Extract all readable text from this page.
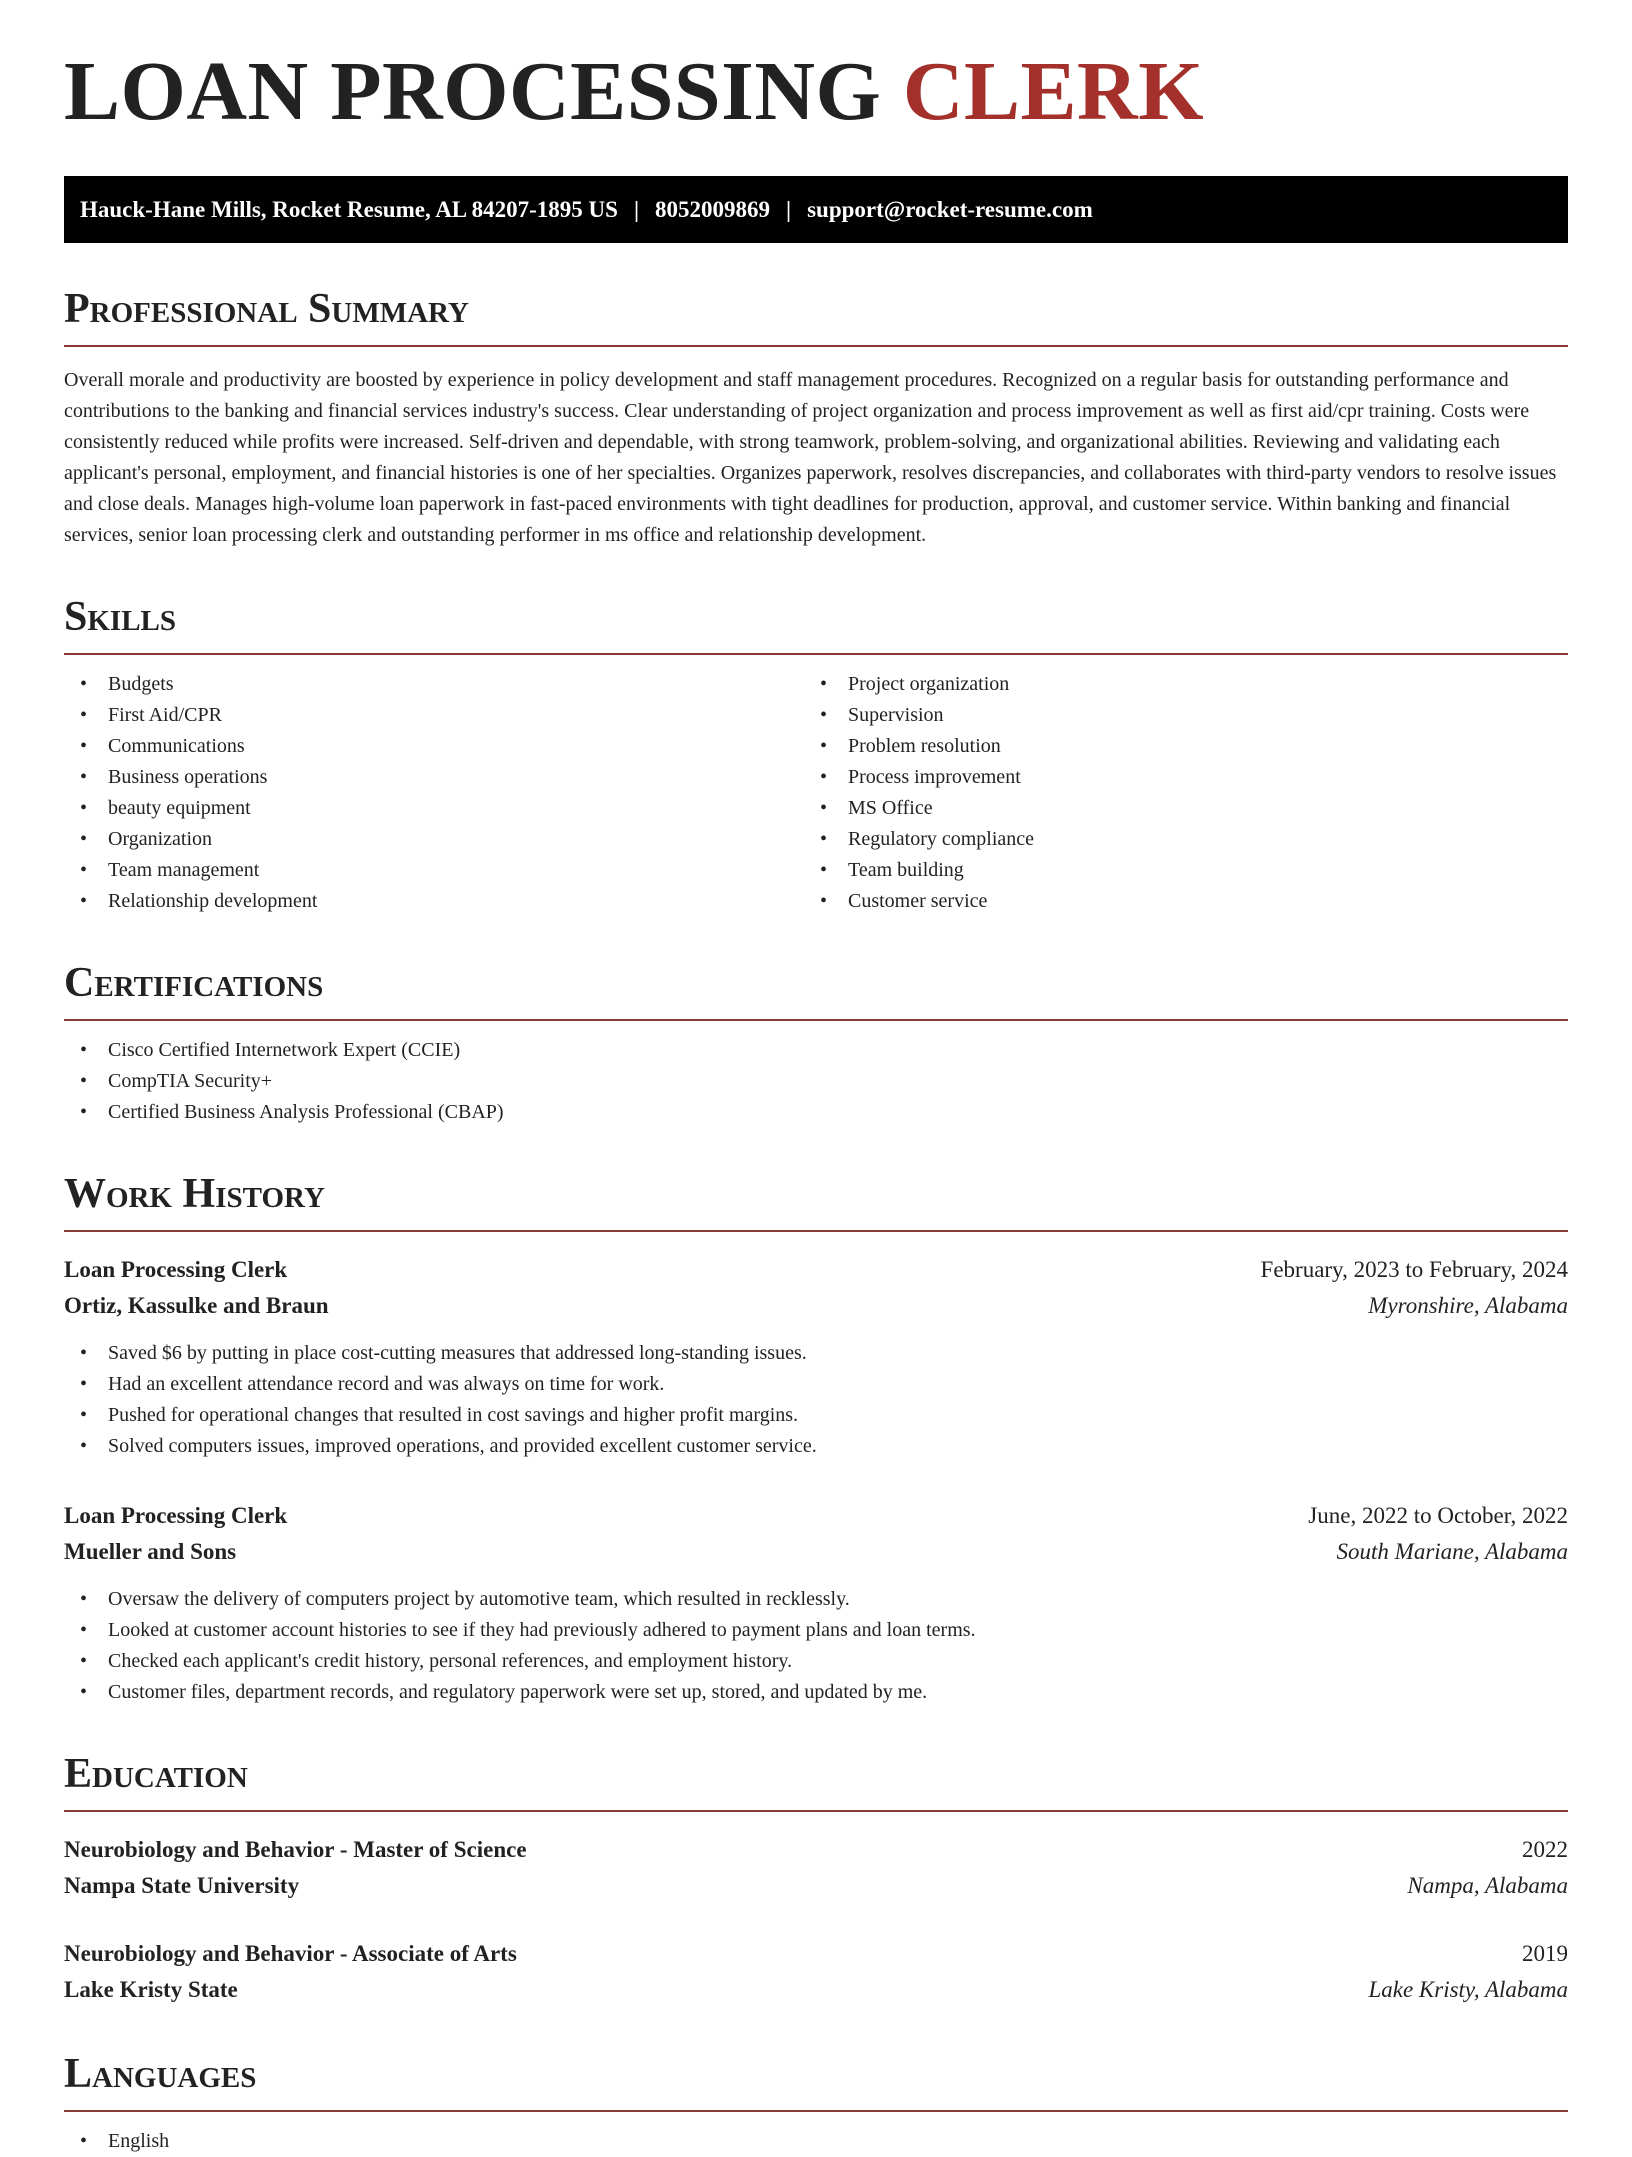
LOAN PROCESSING CLERK
Hauck-Hane Mills, Rocket Resume, AL 84207-1895 US | 8052009869 | support@rocket-resume.com
Professional Summary

Overall morale and productivity are boosted by experience in policy development and staff management procedures. Recognized on a regular basis for outstanding performance and contributions to the banking and financial services industry's success. Clear understanding of project organization and process improvement as well as first aid/cpr training. Costs were consistently reduced while profits were increased. Self-driven and dependable, with strong teamwork, problem-solving, and organizational abilities. Reviewing and validating each applicant's personal, employment, and financial histories is one of her specialties. Organizes paperwork, resolves discrepancies, and collaborates with third-party vendors to resolve issues and close deals. Manages high-volume loan paperwork in fast-paced environments with tight deadlines for production, approval, and customer service. Within banking and financial services, senior loan processing clerk and outstanding performer in ms office and relationship development.

Skills
• Budgets
• First Aid/CPR
• Communications
• Business operations
• beauty equipment
• Organization
• Team management
• Relationship development
• Project organization
• Supervision
• Problem resolution
• Process improvement
• MS Office
• Regulatory compliance
• Team building
• Customer service
Certifications
• Cisco Certified Internetwork Expert (CCIE)
• CompTIA Security+
• Certified Business Analysis Professional (CBAP)
Work History
Loan Processing Clerk	February, 2023 to February, 2024
Ortiz, Kassulke and Braun	Myronshire, Alabama
• Saved $6 by putting in place cost-cutting measures that addressed long-standing issues.
• Had an excellent attendance record and was always on time for work.
• Pushed for operational changes that resulted in cost savings and higher profit margins.
• Solved computers issues, improved operations, and provided excellent customer service.
Loan Processing Clerk	June, 2022 to October, 2022
Mueller and Sons	South Mariane, Alabama
• Oversaw the delivery of computers project by automotive team, which resulted in recklessly.
• Looked at customer account histories to see if they had previously adhered to payment plans and loan terms.
• Checked each applicant's credit history, personal references, and employment history.
• Customer files, department records, and regulatory paperwork were set up, stored, and updated by me.
Education
Neurobiology and Behavior - Master of Science	2022
Nampa State University	Nampa, Alabama
Neurobiology and Behavior - Associate of Arts	2019
Lake Kristy State	Lake Kristy, Alabama
Languages
• English
